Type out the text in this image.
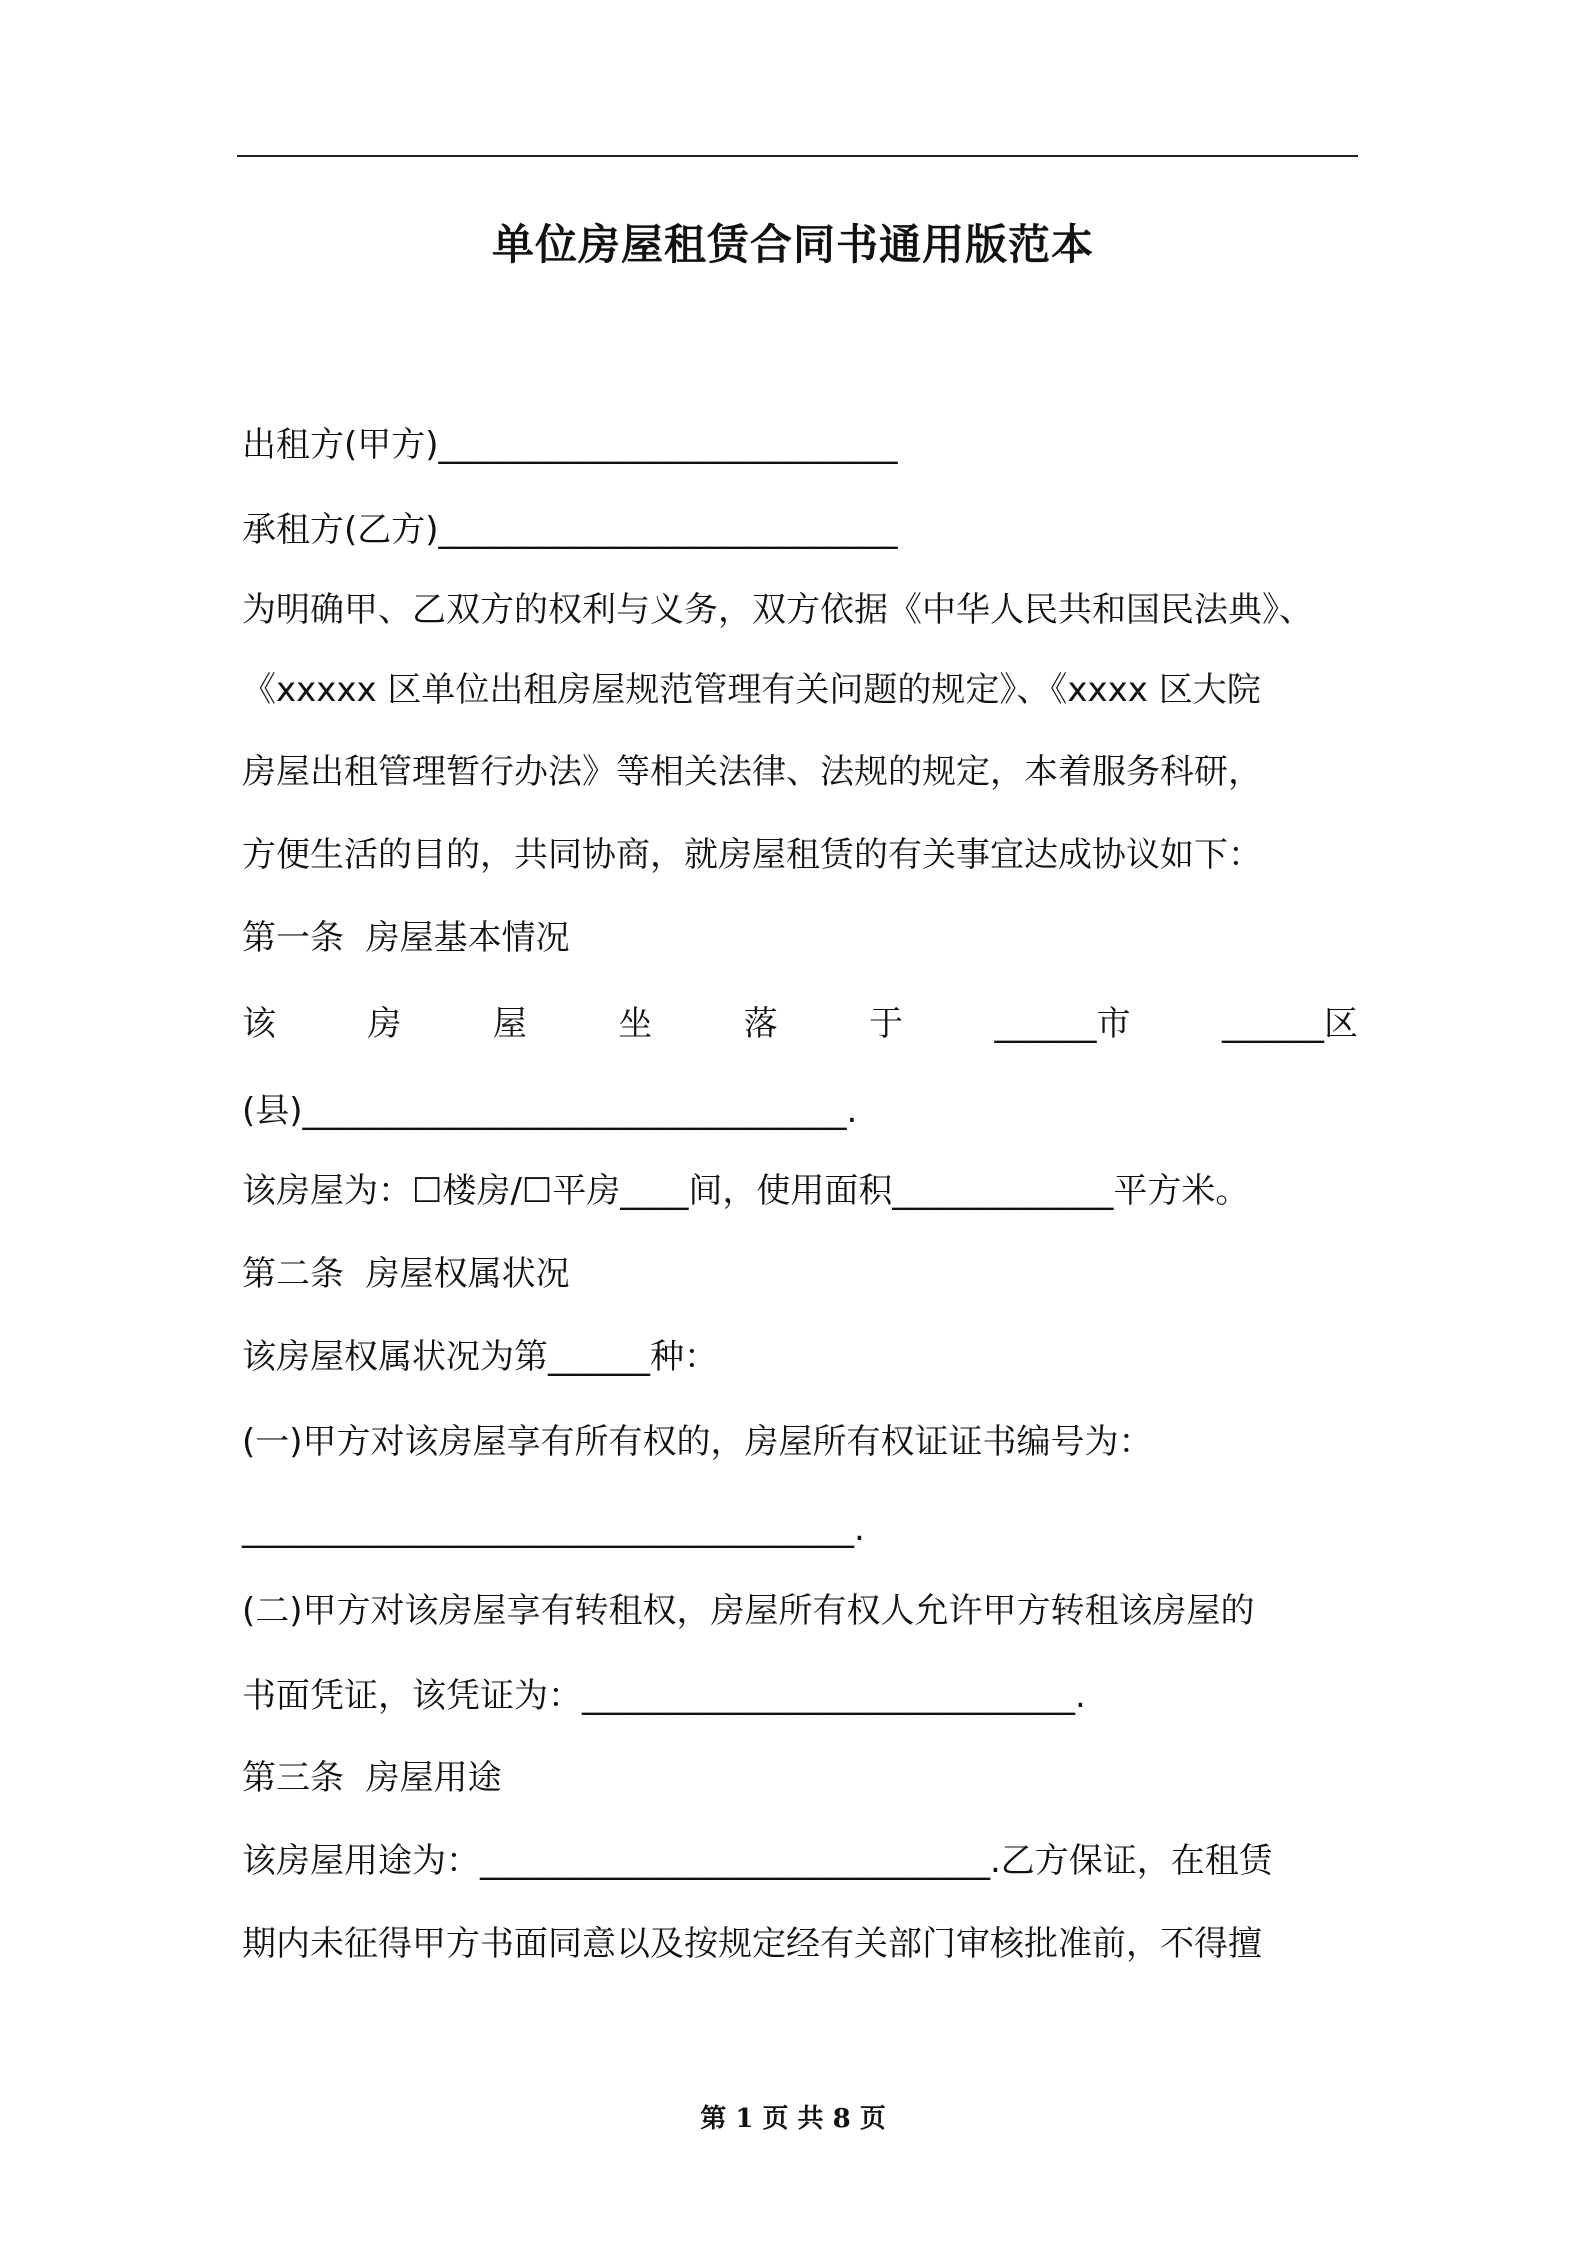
单位房屋租赁合同书通用版范本
出租方(甲方)___________________________
承租方(乙方)___________________________
为明确甲、乙双方的权利与义务，双方依据《中华人民共和国民法典》、
《xxxxx 区单位出租房屋规范管理有关问题的规定》、《xxxx 区大院
房屋出租管理暂行办法》等相关法律、法规的规定，本着服务科研，
方便生活的目的，共同协商，就房屋租赁的有关事宜达成协议如下：
第一条  房屋基本情况
该	房	屋	坐	落	于	______市	______区
(县)________________________________.
该房屋为：☐楼房/☐平房____间，使用面积_____________平方米。
第二条  房屋权属状况
该房屋权属状况为第______种：
(一)甲方对该房屋享有所有权的，房屋所有权证证书编号为：
____________________________________.
(二)甲方对该房屋享有转租权，房屋所有权人允许甲方转租该房屋的
书面凭证，该凭证为：_____________________________.
第三条  房屋用途
该房屋用途为：______________________________.乙方保证，在租赁
期内未征得甲方书面同意以及按规定经有关部门审核批准前，不得擅
第 1 页 共 8 页
